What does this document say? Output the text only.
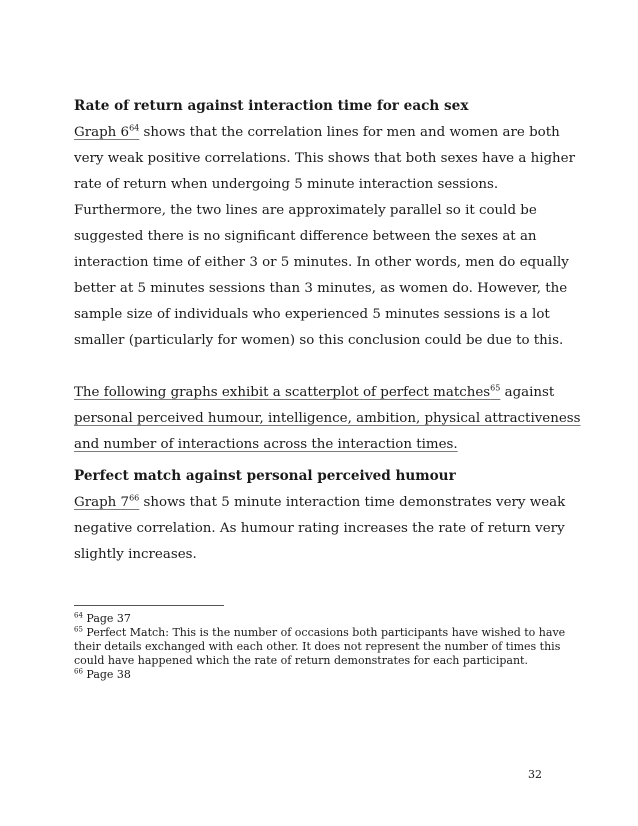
Rate of return against interaction time for each sex
Graph $6^{64}$ shows that the correlation lines for men and women are both
very weak positive correlations. This shows that both sexes have a higher
rate of return when undergoing 5 minute interaction sessions.
Furthermore, the two lines are approximately parallel so it could be
suggested there is no significant difference between the sexes at an
interaction time of either 3 or 5 minutes. In other words, men do equally
better at 5 minutes sessions than 3 minutes, as women do. However, the
sample size of individuals who experienced 5 minutes sessions is a lot
smaller (particularly for women) so this conclusion could be due to this.
The following graphs exhibit a scatterplot of perfect matches$^{65}$ against
personal perceived humour, intelligence, ambition, physical attractiveness
and number of interactions across the interaction times.
Perfect match against personal perceived humour
Graph $7^{66}$ shows that 5 minute interaction time demonstrates very weak
negative correlation. As humour rating increases the rate of return very
slightly increases.
$^{64}$ Page 37
$^{65}$ Perfect Match: This is the number of occasions both participants have wished to have
their details exchanged with each other. It does not represent the number of times this
could have happened which the rate of return demonstrates for each participant.
$^{66}$ Page 38
32
